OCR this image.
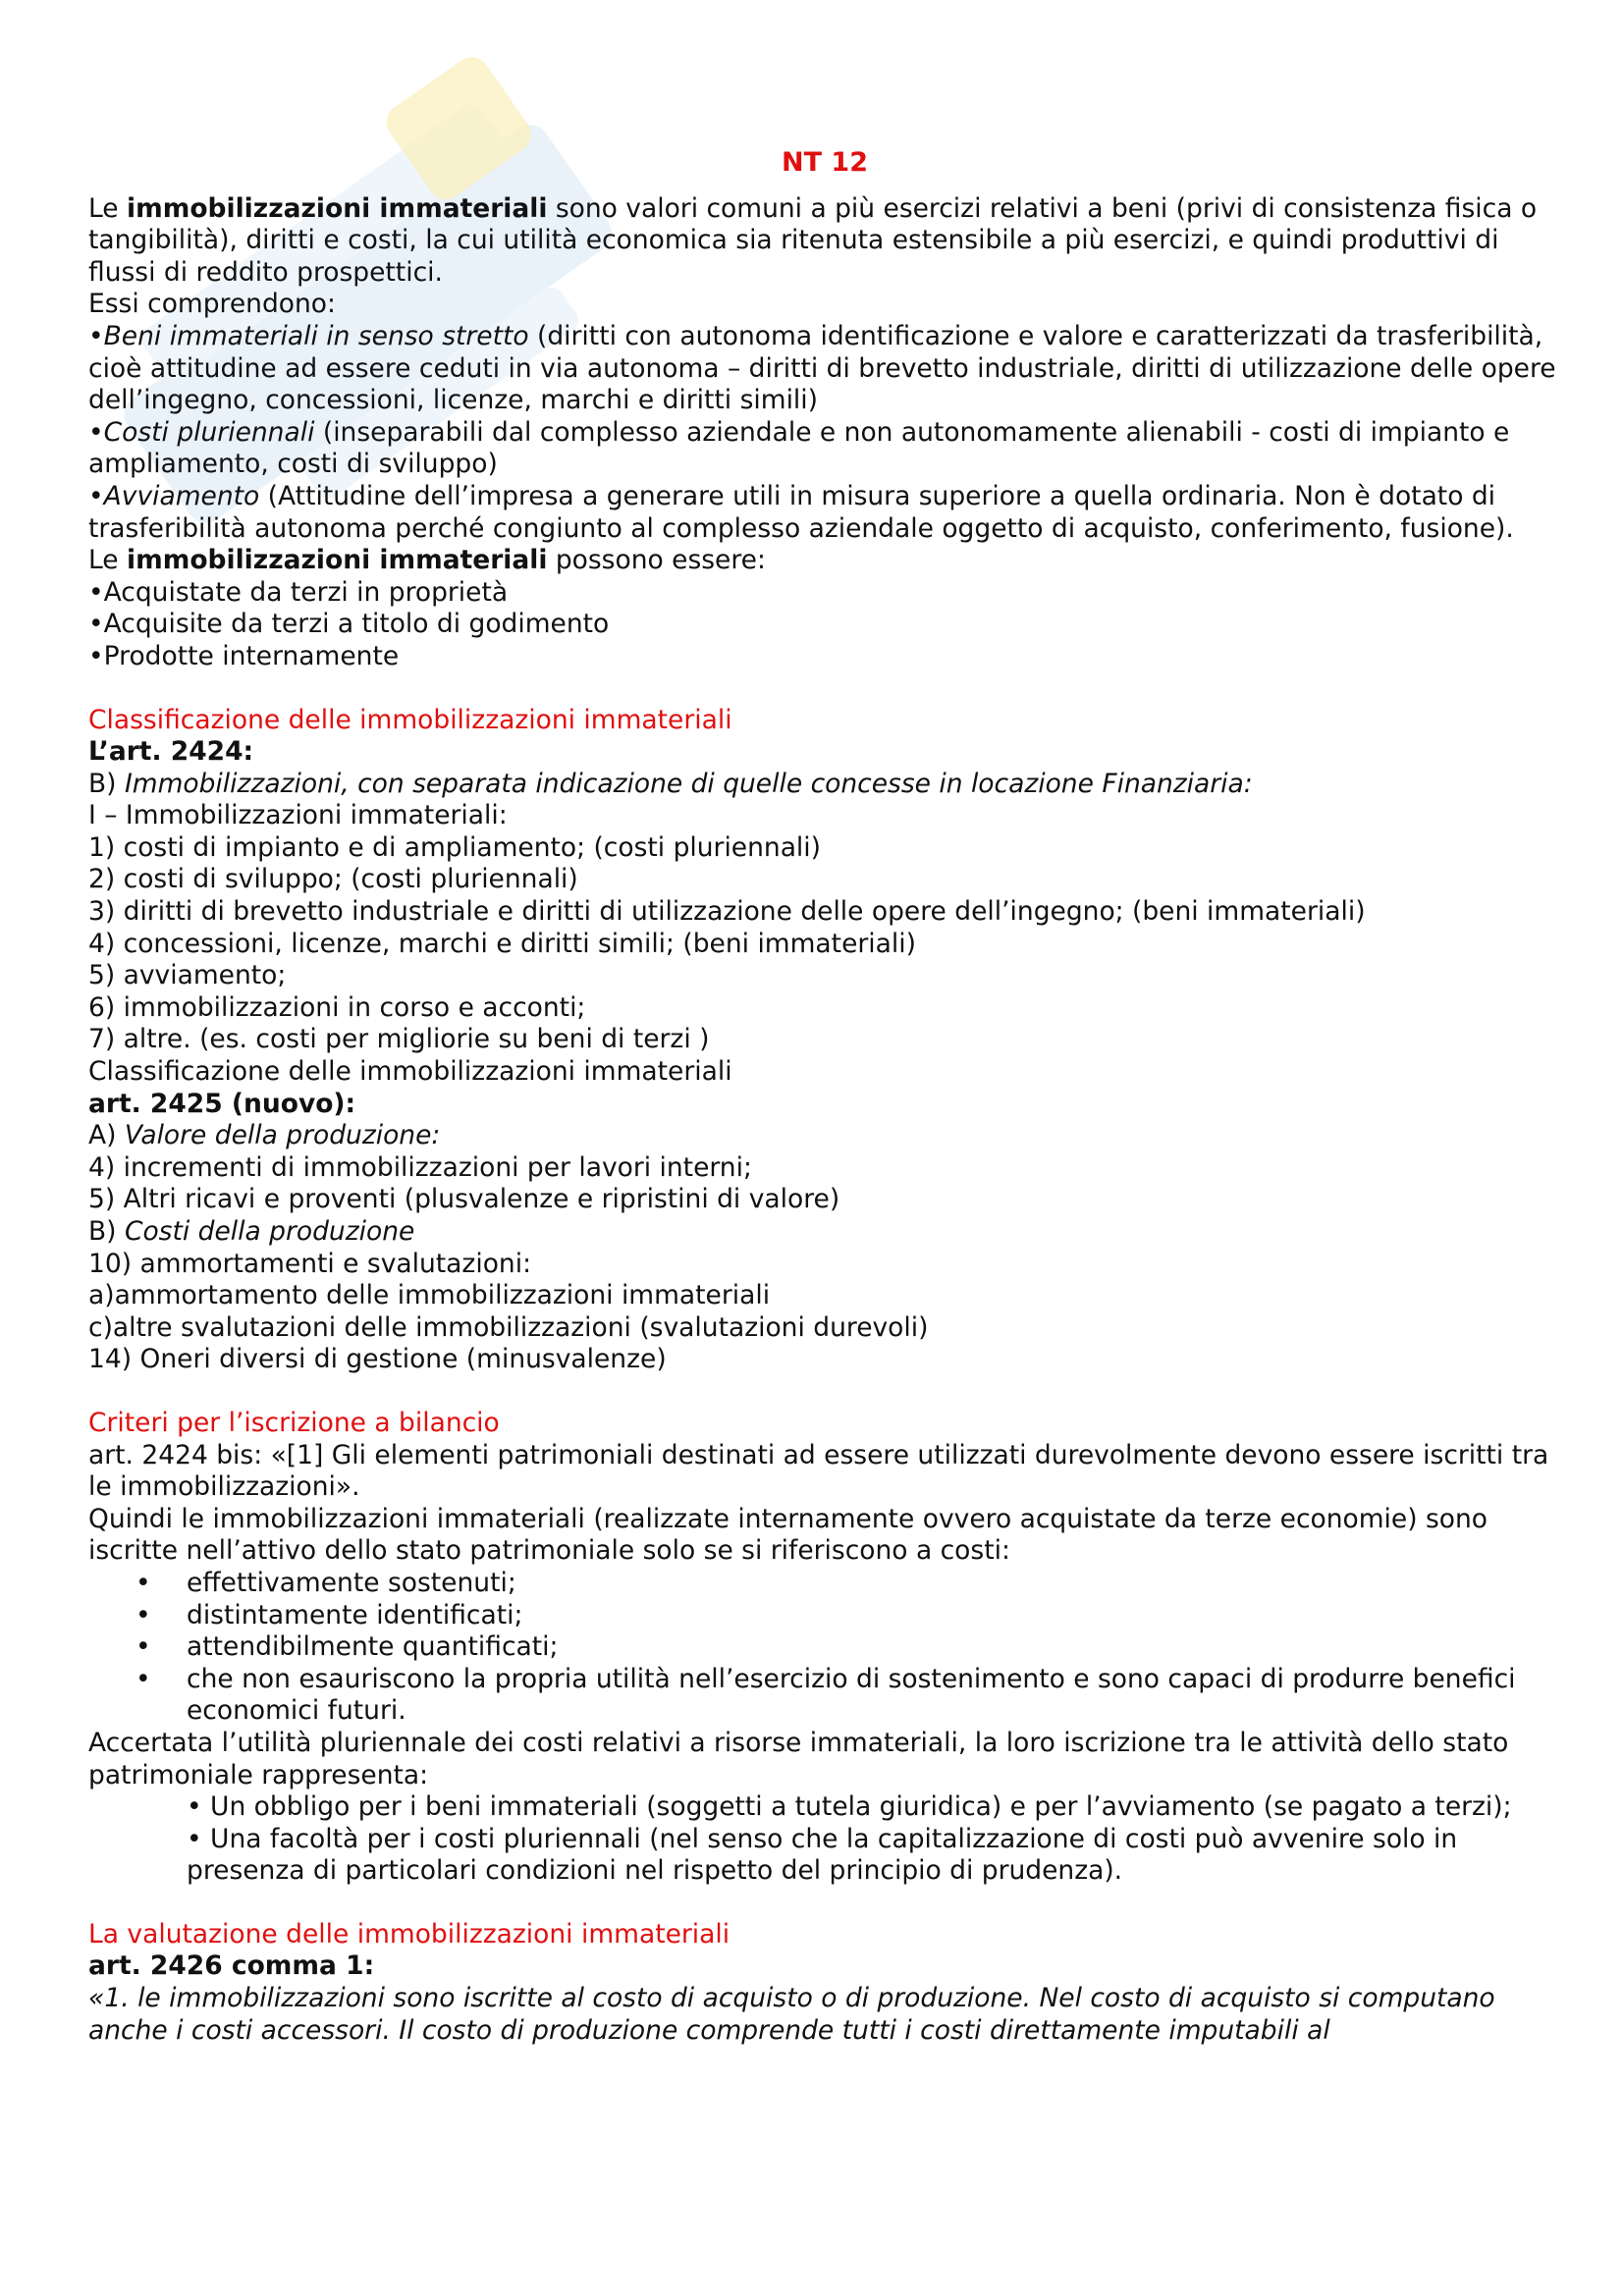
NT 12

Le immobilizzazioni immateriali sono valori comuni a più esercizi relativi a beni (privi di consistenza fisica o tangibilità), diritti e costi, la cui utilità economica sia ritenuta estensibile a più esercizi, e quindi produttivi di flussi di reddito prospettici.

Essi comprendono:

•Beni immateriali in senso stretto (diritti con autonoma identificazione e valore e caratterizzati da trasferibilità, cioè attitudine ad essere ceduti in via autonoma – diritti di brevetto industriale, diritti di utilizzazione delle opere dell’ingegno, concessioni, licenze, marchi e diritti simili)

•Costi pluriennali (inseparabili dal complesso aziendale e non autonomamente alienabili - costi di impianto e ampliamento, costi di sviluppo)

•Avviamento (Attitudine dell’impresa a generare utili in misura superiore a quella ordinaria. Non è dotato di trasferibilità autonoma perché congiunto al complesso aziendale oggetto di acquisto, conferimento, fusione).

Le immobilizzazioni immateriali possono essere:

•Acquistate da terzi in proprietà

•Acquisite da terzi a titolo di godimento

•Prodotte internamente

Classificazione delle immobilizzazioni immateriali

L’art. 2424:

B) Immobilizzazioni, con separata indicazione di quelle concesse in locazione Finanziaria:

I – Immobilizzazioni immateriali:

1) costi di impianto e di ampliamento; (costi pluriennali)

2) costi di sviluppo; (costi pluriennali)

3) diritti di brevetto industriale e diritti di utilizzazione delle opere dell’ingegno; (beni immateriali)

4) concessioni, licenze, marchi e diritti simili; (beni immateriali)

5) avviamento;

6) immobilizzazioni in corso e acconti;

7) altre. (es. costi per migliorie su beni di terzi )

Classificazione delle immobilizzazioni immateriali

art. 2425 (nuovo):

A) Valore della produzione:

4) incrementi di immobilizzazioni per lavori interni;

5) Altri ricavi e proventi (plusvalenze e ripristini di valore)

B) Costi della produzione

10) ammortamenti e svalutazioni:

a)ammortamento delle immobilizzazioni immateriali

c)altre svalutazioni delle immobilizzazioni (svalutazioni durevoli)

14) Oneri diversi di gestione (minusvalenze)

Criteri per l’iscrizione a bilancio

art. 2424 bis: «[1] Gli elementi patrimoniali destinati ad essere utilizzati durevolmente devono essere iscritti tra le immobilizzazioni».

Quindi le immobilizzazioni immateriali (realizzate internamente ovvero acquistate da terze economie) sono iscritte nell’attivo dello stato patrimoniale solo se si riferiscono a costi:

• effettivamente sostenuti;
• distintamente identificati;
• attendibilmente quantificati;
• che non esauriscono la propria utilità nell’esercizio di sostenimento e sono capaci di produrre benefici economici futuri.

Accertata l’utilità pluriennale dei costi relativi a risorse immateriali, la loro iscrizione tra le attività dello stato patrimoniale rappresenta:

• Un obbligo per i beni immateriali (soggetti a tutela giuridica) e per l’avviamento (se pagato a terzi);

• Una facoltà per i costi pluriennali (nel senso che la capitalizzazione di costi può avvenire solo in presenza di particolari condizioni nel rispetto del principio di prudenza).

La valutazione delle immobilizzazioni immateriali

art. 2426 comma 1:

«1. le immobilizzazioni sono iscritte al costo di acquisto o di produzione. Nel costo di acquisto si computano anche i costi accessori. Il costo di produzione comprende tutti i costi direttamente imputabili al
